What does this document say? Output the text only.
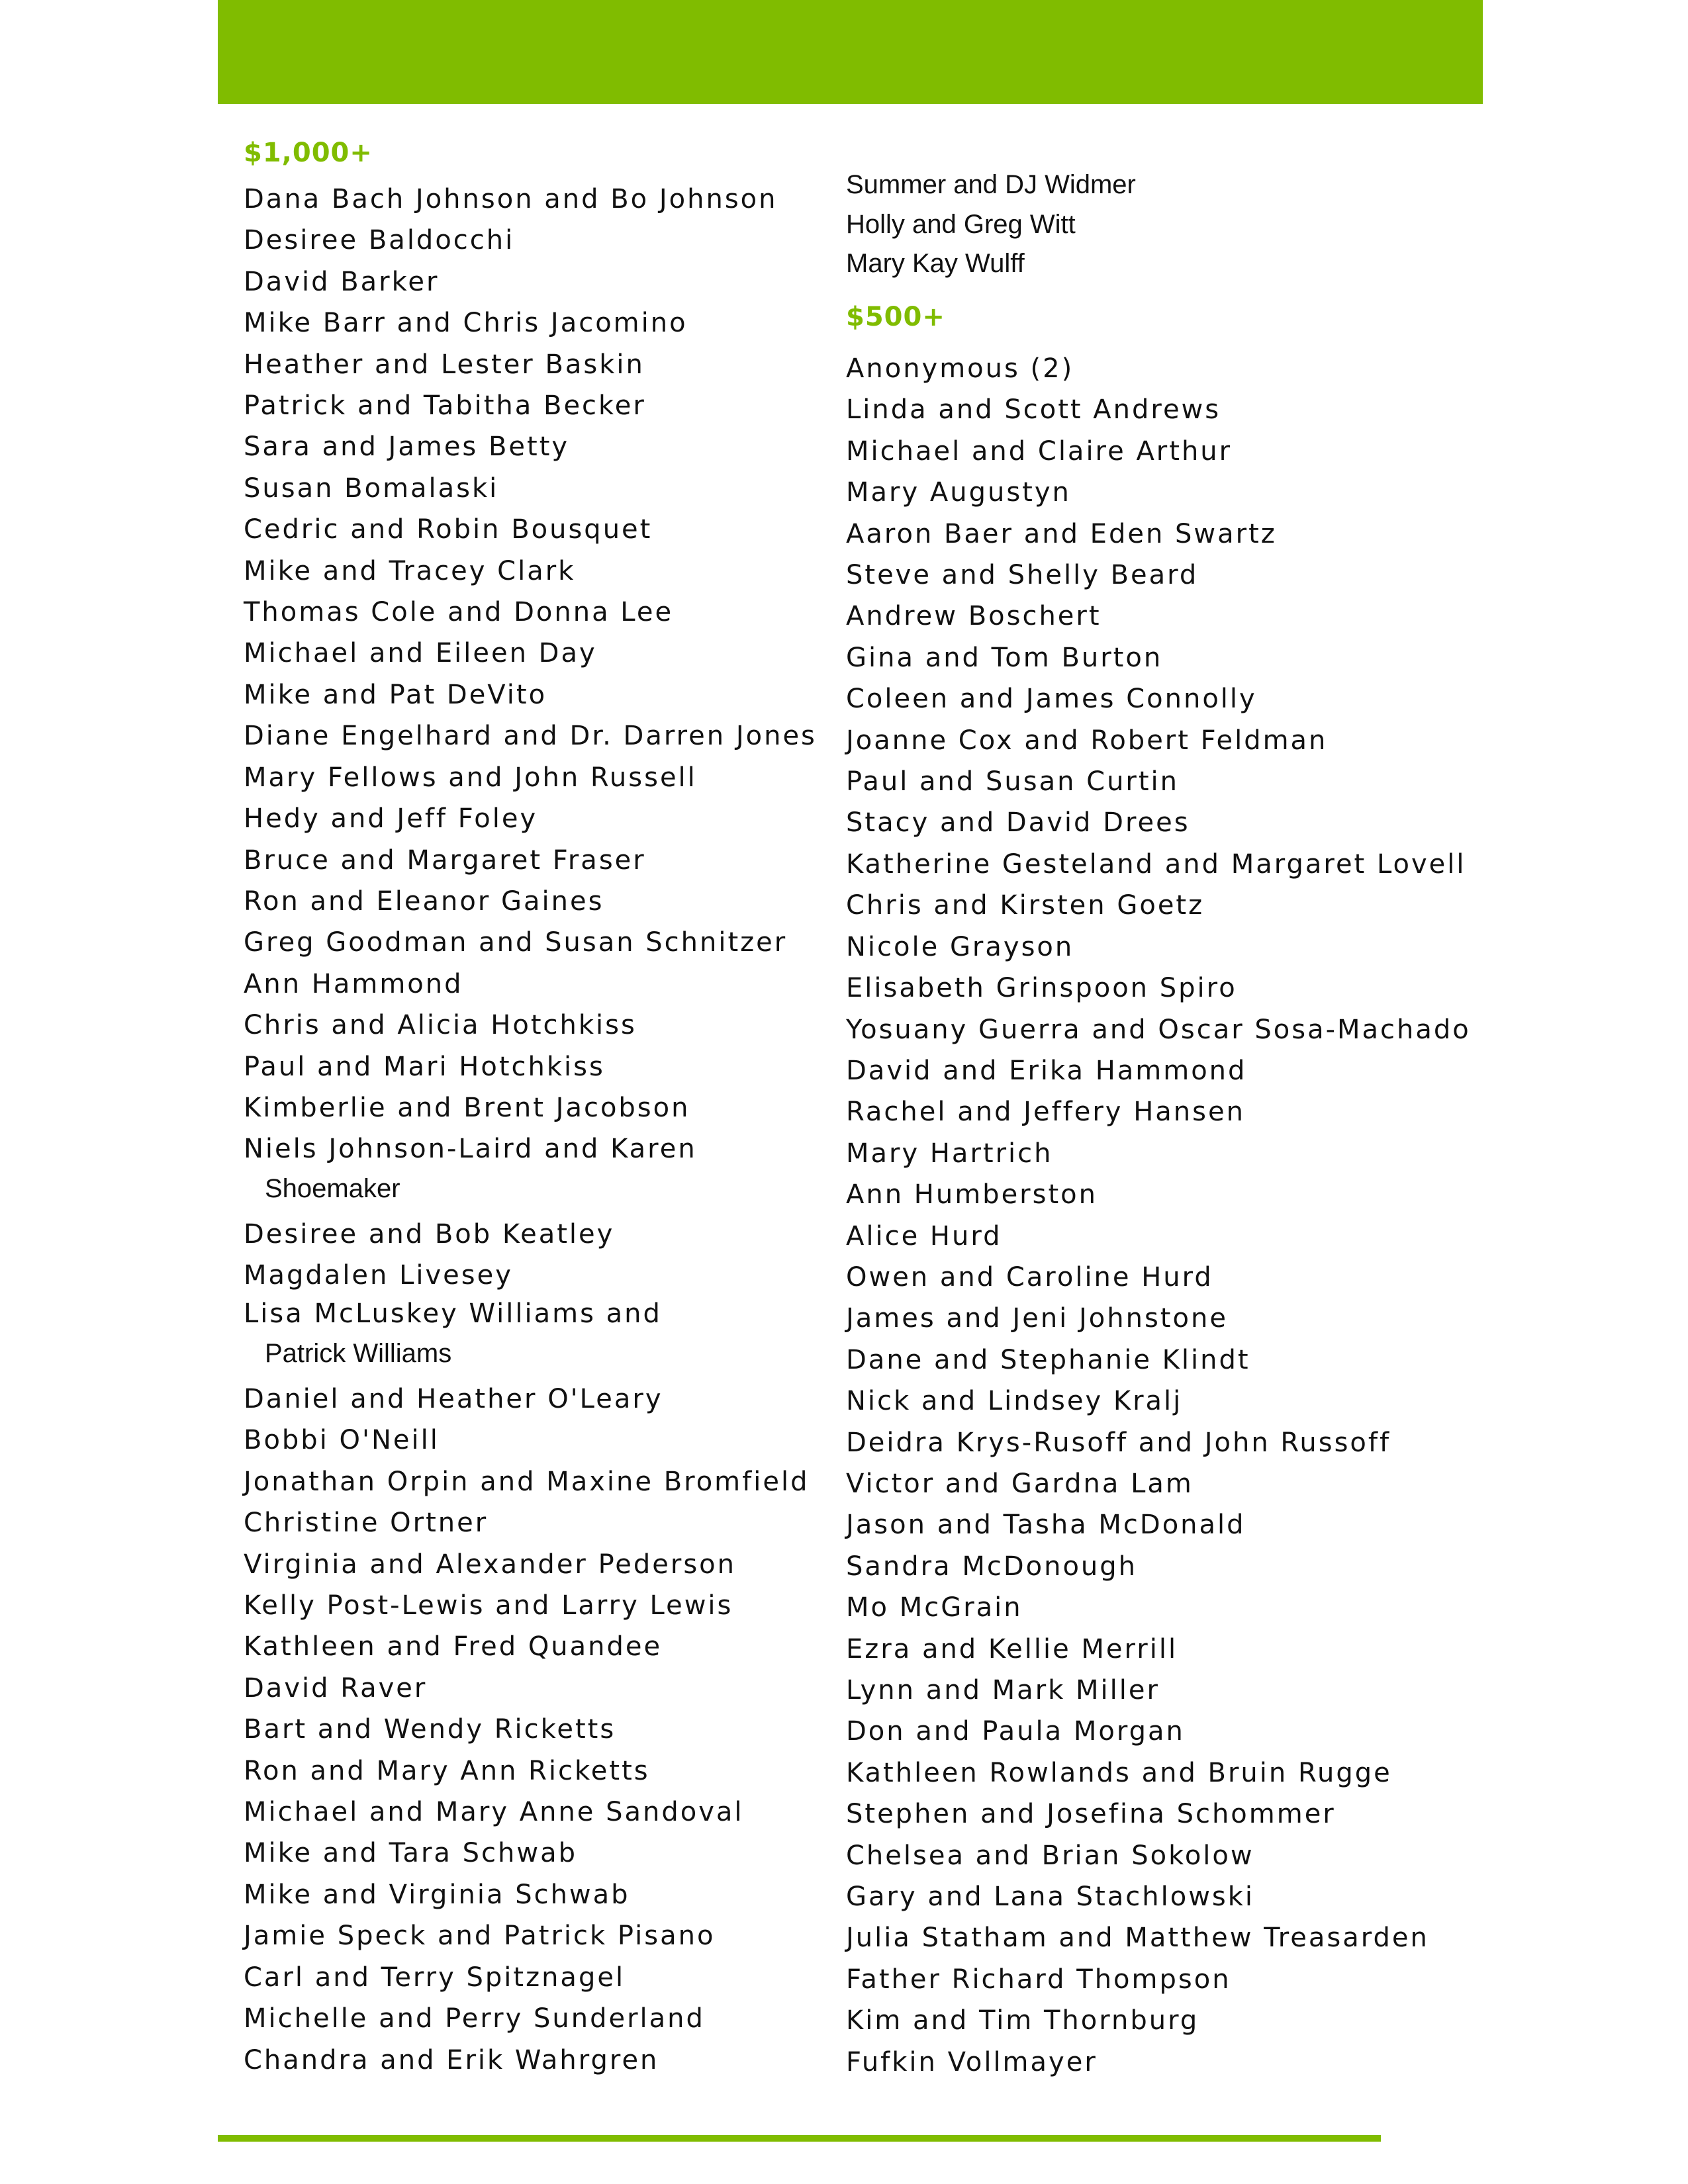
$1,000+
Dana Bach Johnson and Bo Johnson
Desiree Baldocchi
David Barker
Mike Barr and Chris Jacomino
Heather and Lester Baskin
Patrick and Tabitha Becker
Sara and James Betty
Susan Bomalaski
Cedric and Robin Bousquet
Mike and Tracey Clark
Thomas Cole and Donna Lee
Michael and Eileen Day
Mike and Pat DeVito
Diane Engelhard and Dr. Darren Jones
Mary Fellows and John Russell
Hedy and Jeff Foley
Bruce and Margaret Fraser
Ron and Eleanor Gaines
Greg Goodman and Susan Schnitzer
Ann Hammond
Chris and Alicia Hotchkiss
Paul and Mari Hotchkiss
Kimberlie and Brent Jacobson
Niels Johnson-Laird and Karen
Shoemaker
Desiree and Bob Keatley
Magdalen Livesey
Lisa McLuskey Williams and
Patrick Williams
Daniel and Heather O'Leary
Bobbi O'Neill
Jonathan Orpin and Maxine Bromfield
Christine Ortner
Virginia and Alexander Pederson
Kelly Post-Lewis and Larry Lewis
Kathleen and Fred Quandee
David Raver
Bart and Wendy Ricketts
Ron and Mary Ann Ricketts
Michael and Mary Anne Sandoval
Mike and Tara Schwab
Mike and Virginia Schwab
Jamie Speck and Patrick Pisano
Carl and Terry Spitznagel
Michelle and Perry Sunderland
Chandra and Erik Wahrgren
Summer and DJ Widmer
Holly and Greg Witt
Mary Kay Wulff
$500+
Anonymous (2)
Linda and Scott Andrews
Michael and Claire Arthur
Mary Augustyn
Aaron Baer and Eden Swartz
Steve and Shelly Beard
Andrew Boschert
Gina and Tom Burton
Coleen and James Connolly
Joanne Cox and Robert Feldman
Paul and Susan Curtin
Stacy and David Drees
Katherine Gesteland and Margaret Lovell
Chris and Kirsten Goetz
Nicole Grayson
Elisabeth Grinspoon Spiro
Yosuany Guerra and Oscar Sosa-Machado
David and Erika Hammond
Rachel and Jeffery Hansen
Mary Hartrich
Ann Humberston
Alice Hurd
Owen and Caroline Hurd
James and Jeni Johnstone
Dane and Stephanie Klindt
Nick and Lindsey Kralj
Deidra Krys-Rusoff and John Russoff
Victor and Gardna Lam
Jason and Tasha McDonald
Sandra McDonough
Mo McGrain
Ezra and Kellie Merrill
Lynn and Mark Miller
Don and Paula Morgan
Kathleen Rowlands and Bruin Rugge
Stephen and Josefina Schommer
Chelsea and Brian Sokolow
Gary and Lana Stachlowski
Julia Statham and Matthew Treasarden
Father Richard Thompson
Kim and Tim Thornburg
Fufkin Vollmayer
